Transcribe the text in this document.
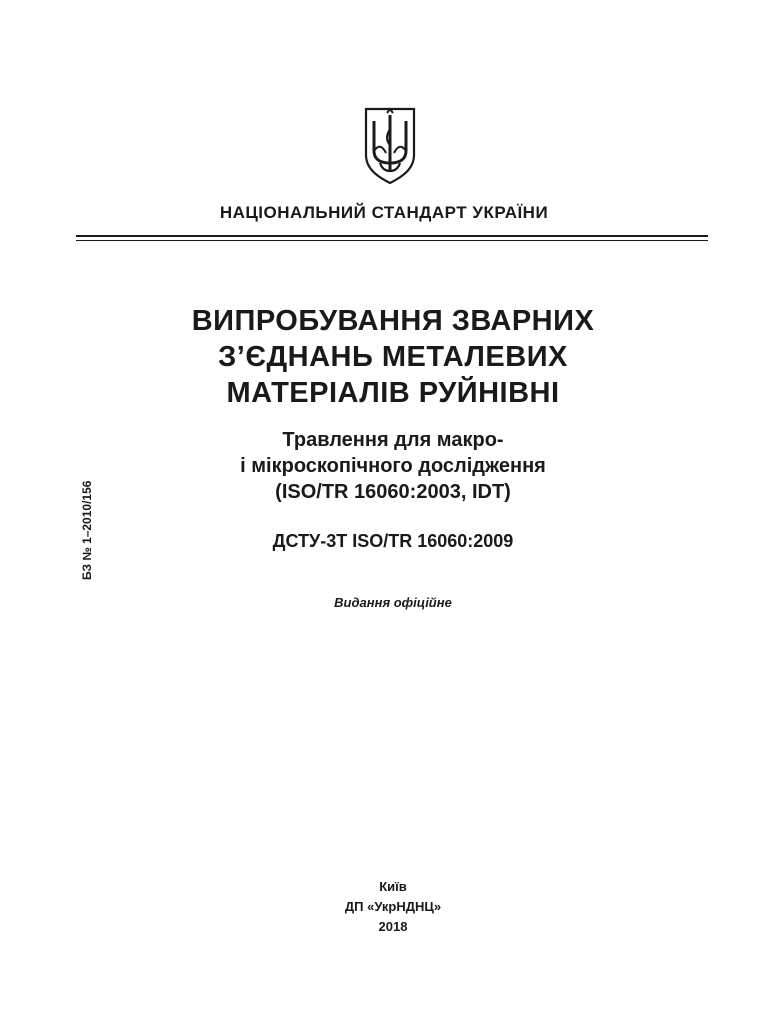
НАЦІОНАЛЬНИЙ СТАНДАРТ УКРАЇНИ
ВИПРОБУВАННЯ ЗВАРНИХ
З’ЄДНАНЬ МЕТАЛЕВИХ
МАТЕРІАЛІВ РУЙНІВНІ
Травлення для макро-
і мікроскопічного дослідження
(ISO/TR 16060:2003, IDT)
ДСТУ-3Т ISO/TR 16060:2009
Видання офіційне
БЗ № 1–2010/156
Київ
ДП «УкрНДНЦ»
2018
